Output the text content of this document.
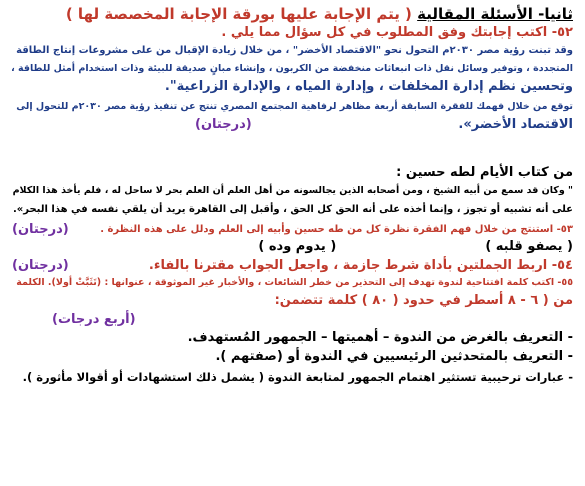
ثانيا- الأسئلة المقالية ( يتم الإجابة عليها بورقة الإجابة المخصصة لها )
٥٢- اكتب إجابتك وفق المطلوب في كل سؤال مما يلي .
وقد تبنت رؤية مصر ٢٠٣٠م التحول نحو "الاقتصاد الأخضر" ، من خلال زيادة الإقبال من على مشروعات إنتاج الطاقة
المتجددة ، وتوفير وسائل نقل ذات انبعاثات منخفضة من الكربون ، وإنشاء مبانٍ صديقة للبيئة وذات استخدام أمثل للطاقة ،
وتحسين نظم إدارة المخلفات ، وإدارة المياه ، والإدارة الزراعية".
توقع من خلال فهمك للفقرة السابقة أربعة مظاهر لرفاهية المجتمع المصري تنتج عن تنفيذ رؤية مصر ٢٠٣٠م للتحول إلى
الاقتصاد الأخضر».
(درجتان)
من كتاب الأيام لطه حسين :
" وكان قد سمع من أبيه الشيخ ، ومن أصحابه الذين يجالسونه من أهل العلم أن العلم بحر لا ساحل له ، فلم يأخذ هذا الكلام
على أنه تشبيه أو تجوز ، وإنما أخذه على أنه الحق كل الحق ، وأقبل إلى القاهرة يريد أن يلقي نفسه في هذا البحر».
(درجتان)	٥٣- استنتج من خلال فهم الفقرة نظرة كل من طه حسين وأبيه إلى العلم ودلل على هذه النظرة .
( يصفو قلبه )  ( يدوم وده )
٥٤- اربط الجملتين بأداة شرط جازمة ، واجعل الجواب مقترنا بالفاء.
(درجتان)
٥٥- اكتب كلمة افتتاحية لندوة تهدف إلى التحذير من خطر الشائعات ، والأخبار غير الموثوقة ، عنوانها : (تَثَبَّتْ أولا). الكلمة
من ( ٦ - ٨ أسطر في حدود ( ٨٠ ) كلمة تتضمن:
(أربع درجات)
- التعريف بالغرض من الندوة – أهميتها – الجمهور المُستهدف.
- التعريف بالمتحدثين الرئيسيين في الندوة أو (صفتهم ).
- عبارات ترحيبية تستثير اهتمام الجمهور لمتابعة الندوة ( يشمل ذلك استشهادات أو أقوالا مأثورة ).
